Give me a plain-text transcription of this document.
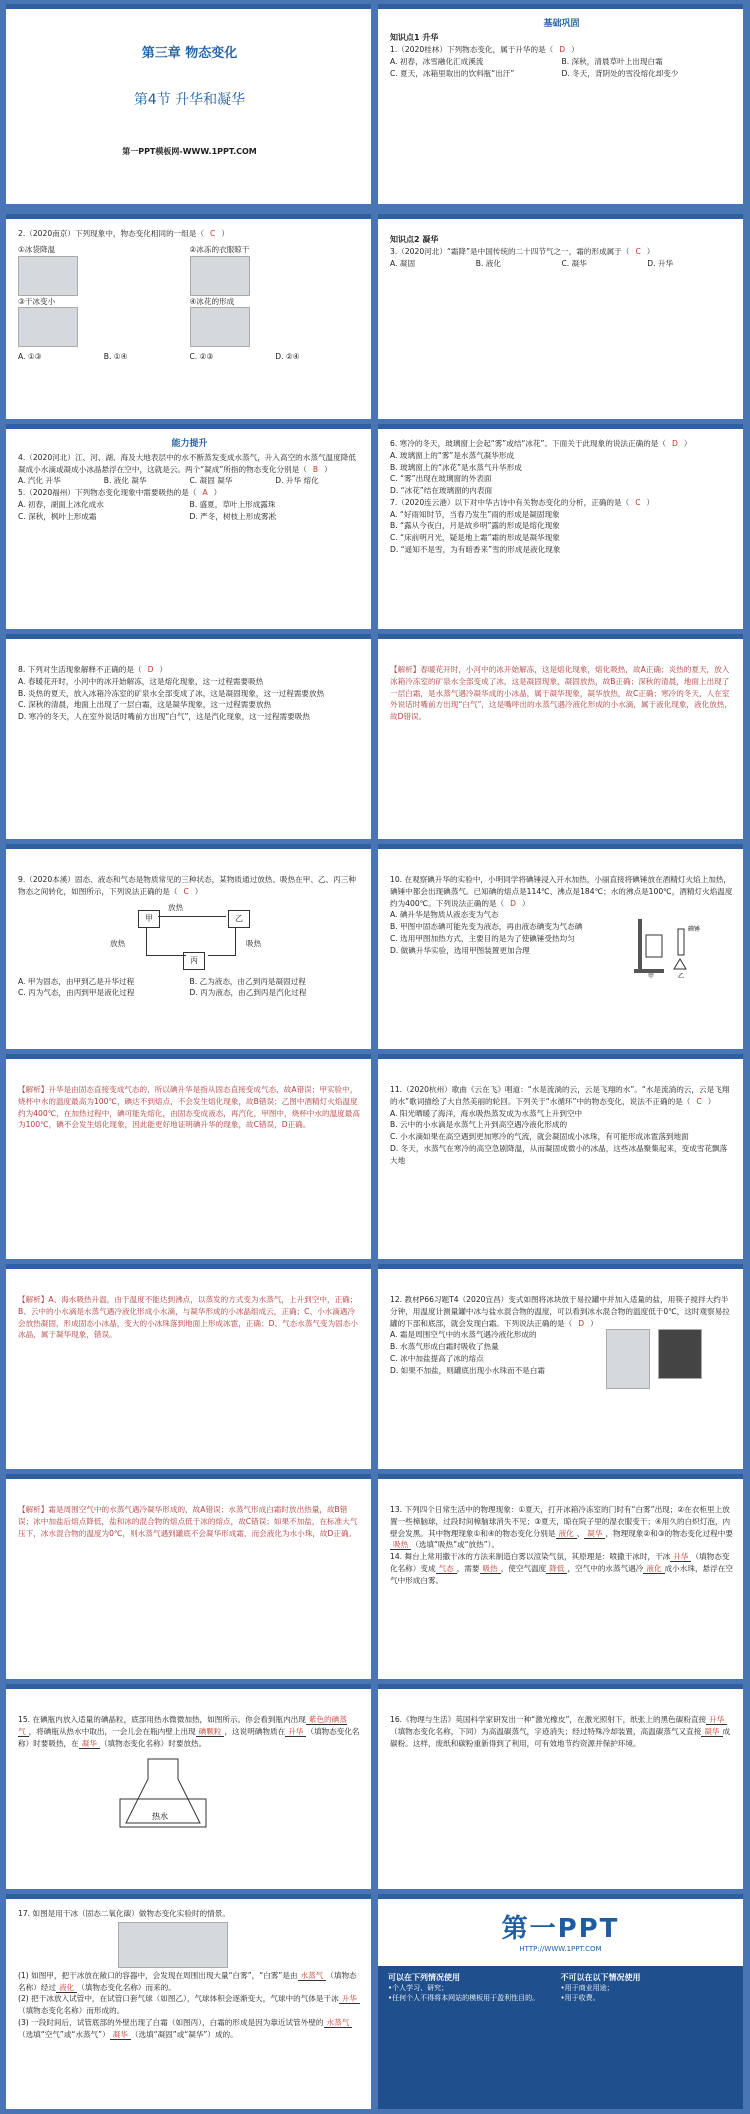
第三章 物态变化
第4节 升华和凝华
第一PPT模板网-WWW.1PPT.COM
基础巩固
知识点1 升华
1.（2020桂林）下列物态变化，属于升华的是（ D ）
A. 初春，冰雪融化汇成溪流	B. 深秋，清晨草叶上出现白霜
C. 夏天，冰箱里取出的饮料瓶“出汗”	D. 冬天，背阴处的雪没熔化却变少
2.（2020南京）下列现象中，物态变化相同的一组是（ C ）
①冰袋降温	②冰冻的衣服晾干
③干冰变小	④冰花的形成
A. ①③	B. ①④	C. ②③	D. ②④
知识点2 凝华
3.（2020河北）“霜降”是中国传统的二十四节气之一，霜的形成属于（ C ）
A. 凝固	B. 液化	C. 凝华	D. 升华
能力提升
4.（2020河北）江、河、湖、海及大地表层中的水不断蒸发变成水蒸气，升入高空的水蒸气温度降低凝成小水滴或凝成小冰晶悬浮在空中，这就是云。两个“凝成”所指的物态变化分别是（ B ）
A. 汽化 升华	B. 液化 凝华	C. 凝固 凝华	D. 升华 熔化
5.（2020福州）下列物态变化现象中需要吸热的是（ A ）
A. 初春，湖面上冰化成水	B. 盛夏，草叶上形成露珠
C. 深秋，枫叶上形成霜	D. 严冬，树枝上形成雾凇
6. 寒冷的冬天，玻璃窗上会起“雾”或结“冰花”。下面关于此现象的说法正确的是（ D ）
A. 玻璃窗上的“雾”是水蒸气凝华形成
B. 玻璃窗上的“冰花”是水蒸气升华形成
C. “雾”出现在玻璃窗的外表面
D. “冰花”结在玻璃窗的内表面
7.（2020连云港）以下对中华古诗中有关物态变化的分析，正确的是（ C ）
A. “好雨知时节，当春乃发生”雨的形成是凝固现象
B. “露从今夜白，月是故乡明”露的形成是熔化现象
C. “床前明月光，疑是地上霜”霜的形成是凝华现象
D. “遥知不是雪，为有暗香来”雪的形成是液化现象
8. 下列对生活现象解释不正确的是（ D ）
A. 春暖花开时，小河中的冰开始解冻，这是熔化现象，这一过程需要吸热
B. 炎热的夏天，放入冰箱冷冻室的矿泉水全部变成了冰，这是凝固现象，这一过程需要放热
C. 深秋的清晨，地面上出现了一层白霜，这是凝华现象，这一过程需要放热
D. 寒冷的冬天，人在室外说话时嘴前方出现“白气”，这是汽化现象，这一过程需要吸热
【解析】春暖花开时，小河中的冰开始解冻，这是熔化现象，熔化吸热，故A正确；炎热的夏天，放入冰箱冷冻室的矿泉水全部变成了冰，这是凝固现象，凝固放热，故B正确；深秋的清晨，地面上出现了一层白霜，是水蒸气遇冷凝华成的小冰晶，属于凝华现象，凝华放热，故C正确；寒冷的冬天，人在室外说话时嘴前方出现“白气”，这是嘴呼出的水蒸气遇冷液化形成的小水滴，属于液化现象，液化放热，故D错误。
9.（2020本溪）固态、液态和气态是物质常见的三种状态，某物质通过放热、吸热在甲、乙、丙三种物态之间转化，如图所示，下列说法正确的是（ C ）
甲	乙
丙
放热
放热	吸热
A. 甲为固态，由甲到乙是升华过程	B. 乙为液态，由乙到丙是凝固过程
C. 丙为气态，由丙到甲是液化过程	D. 丙为液态，由乙到丙是汽化过程
10. 在观察碘升华的实验中，小明同学将碘锤浸入开水加热，小丽直接将碘锤放在酒精灯火焰上加热，碘锤中都会出现碘蒸气。已知碘的熔点是114℃、沸点是184℃；水的沸点是100℃，酒精灯火焰温度约为400℃。下列说法正确的是（ D ）
A. 碘升华是物质从液态变为气态
B. 甲图中固态碘可能先变为液态，再由液态碘变为气态碘
C. 选用甲图加热方式，主要目的是为了使碘锤受热均匀
D. 做碘升华实验，选用甲图装置更加合理
碘锤
甲	乙
【解析】升华是由固态直接变成气态的，所以碘升华是指从固态直接变成气态，故A错误；甲实验中，烧杯中水的温度最高为100℃，碘达不到熔点，不会发生熔化现象，故B错误；乙图中酒精灯火焰温度约为400℃，在加热过程中，碘可能先熔化，由固态变成液态，再汽化，甲图中，烧杯中水的温度最高为100℃，碘不会发生熔化现象，因此能更好地证明碘升华的现象，故C错误，D正确。
11.（2020杭州）歌曲《云在飞》唱道：“水是流淌的云，云是飞翔的水”。“水是流淌的云，云是飞翔的水”歌词描绘了大自然美丽的轮回。下列关于“水循环”中的物态变化，说法不正确的是（ C ）
A. 阳光晒暖了海洋，海水吸热蒸发成为水蒸气上升到空中
B. 云中的小水滴是水蒸气上升到高空遇冷液化形成的
C. 小水滴如果在高空遇到更加寒冷的气流，就会凝固成小冰珠，有可能形成冰雹落到地面
D. 冬天，水蒸气在寒冷的高空急剧降温，从而凝固成微小的冰晶，这些冰晶聚集起来，变成雪花飘落大地
【解析】A、海水吸热升温，由于温度不能达到沸点，以蒸发的方式变为水蒸气，上升到空中，正确；B、云中的小水滴是水蒸气遇冷液化形成小水滴，与凝华形成的小冰晶组成云，正确；C、小水滴遇冷会放热凝固，形成固态小冰晶，变大的小冰珠落到地面上形成冰雹，正确；D、气态水蒸气变为固态小冰晶，属于凝华现象，错误。
12. 教材P66习题T4（2020宜昌）变式如图将冰块放于易拉罐中并加入适量的盐，用筷子搅拌大约半分钟，用温度计测量罐中冰与盐水混合物的温度，可以看到冰水混合物的温度低于0℃，这时观察易拉罐的下部和底部，就会发现白霜。下列说法正确的是（ D ）
A. 霜是周围空气中的水蒸气遇冷液化形成的
B. 水蒸气形成白霜时吸收了热量
C. 冰中加盐提高了冰的熔点
D. 如果不加盐，则罐底出现小水珠而不是白霜
【解析】霜是周围空气中的水蒸气遇冷凝华形成的，故A错误；水蒸气形成白霜时放出热量，故B错误；冰中加盐后熔点降低，盐和冰的混合物的熔点低于冰的熔点，故C错误；如果不加盐，在标准大气压下，冰水混合物的温度为0℃，则水蒸气遇到罐底不会凝华形成霜，而会液化为水小珠，故D正确。
13. 下列四个日常生活中的物理现象：①夏天，打开冰箱冷冻室的门时有“白雾”出现；②在衣柜里上放置一些樟脑球，过段时间樟脑球消失不见；③夏天，晾在院子里的湿衣服变干；④用久的白炽灯泡，内壁会发黑。其中物理现象①和④的物态变化分别是 液化 、 凝华 ，物理现象②和③的物态变化过程中要吸热 （选填“吸热”或“放热”）。
14. 舞台上常用撒干冰的方法来制造白雾以渲染气氛，其原理是：喷撒干冰时，干冰 升华 （填物态变化名称）变成 气态 ，需要 吸热 ，使空气温度 降低 ，空气中的水蒸气遇冷 液化 成小水珠，悬浮在空气中形成白雾。
15. 在碘瓶内放入适量的碘晶粒，底部用热水微微加热，如图所示。你会看到瓶内出现 紫色的碘蒸气 ，将碘瓶从热水中取出，一会儿会在瓶内壁上出现 碘颗粒 ，这说明碘物质在 升华 （填物态变化名称）时要吸热，在 凝华 （填物态变化名称）时要放热。
热水
16.《物理与生活》英国科学家研发出一种“激光橡皮”，在激光照射下，纸张上的黑色碳粉直接 升华（填物态变化名称，下同）为高温碳蒸气，字迹消失；经过特殊冷却装置，高温碳蒸气又直接 凝华 成碳粉。这样，废纸和碳粉重新得到了利用，可有效地节约资源并保护环境。
17. 如图是用干冰（固态二氧化碳）做物态变化实验时的情景。
(1) 如图甲，把干冰放在敞口的容器中，会发现在周围出现大量“白雾”，“白雾”是由 水蒸气 （填物态名称）经过 液化 （填物态变化名称）而来的。
(2) 把干冰放入试管中，在试管口套气球（如图乙），气球体积会逐渐变大，气球中的气体是干冰 升华（填物态变化名称）而形成的。
(3) 一段时间后，试管底部的外壁出现了白霜（如图丙），白霜的形成是因为靠近试管外壁的 水蒸气（选填“空气”或“水蒸气”） 凝华 （选填“凝固”或“凝华”）成的。
第一PPT
HTTP://WWW.1PPT.COM
可以在下列情况使用
•个人学习、研究；
•任何个人不得将本网站的模板用于盈利性目的。
不可以在以下情况使用
•用于商业用途；
•用于收费。
